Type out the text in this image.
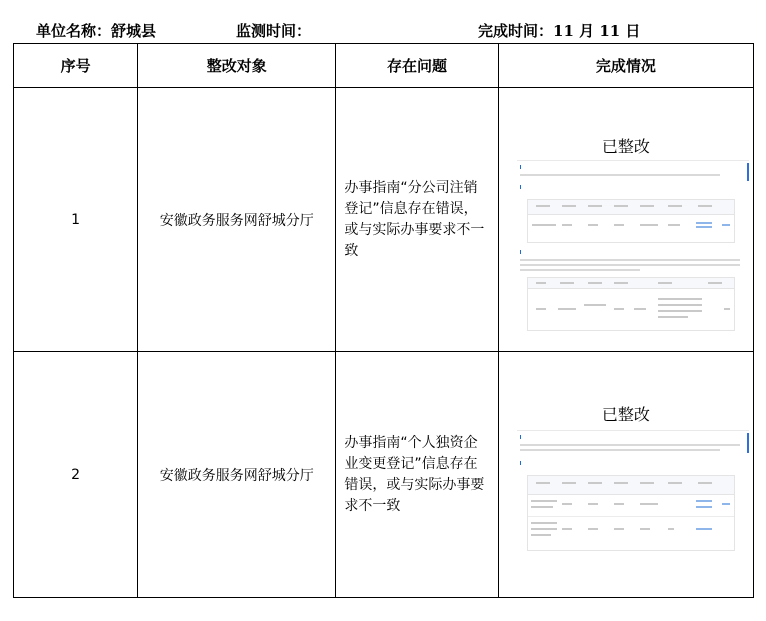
单位名称：舒城县	监测时间：	完成时间：11 月 11 日
序号	整改对象	存在问题	完成情况
1	安徽政务服务网舒城分厅	办事指南“分公司注销登记”信息存在错误，或与实际办事要求不一致	已整改

2	安徽政务服务网舒城分厅	办事指南“个人独资企业变更登记”信息存在错误，或与实际办事要求不一致	已整改
